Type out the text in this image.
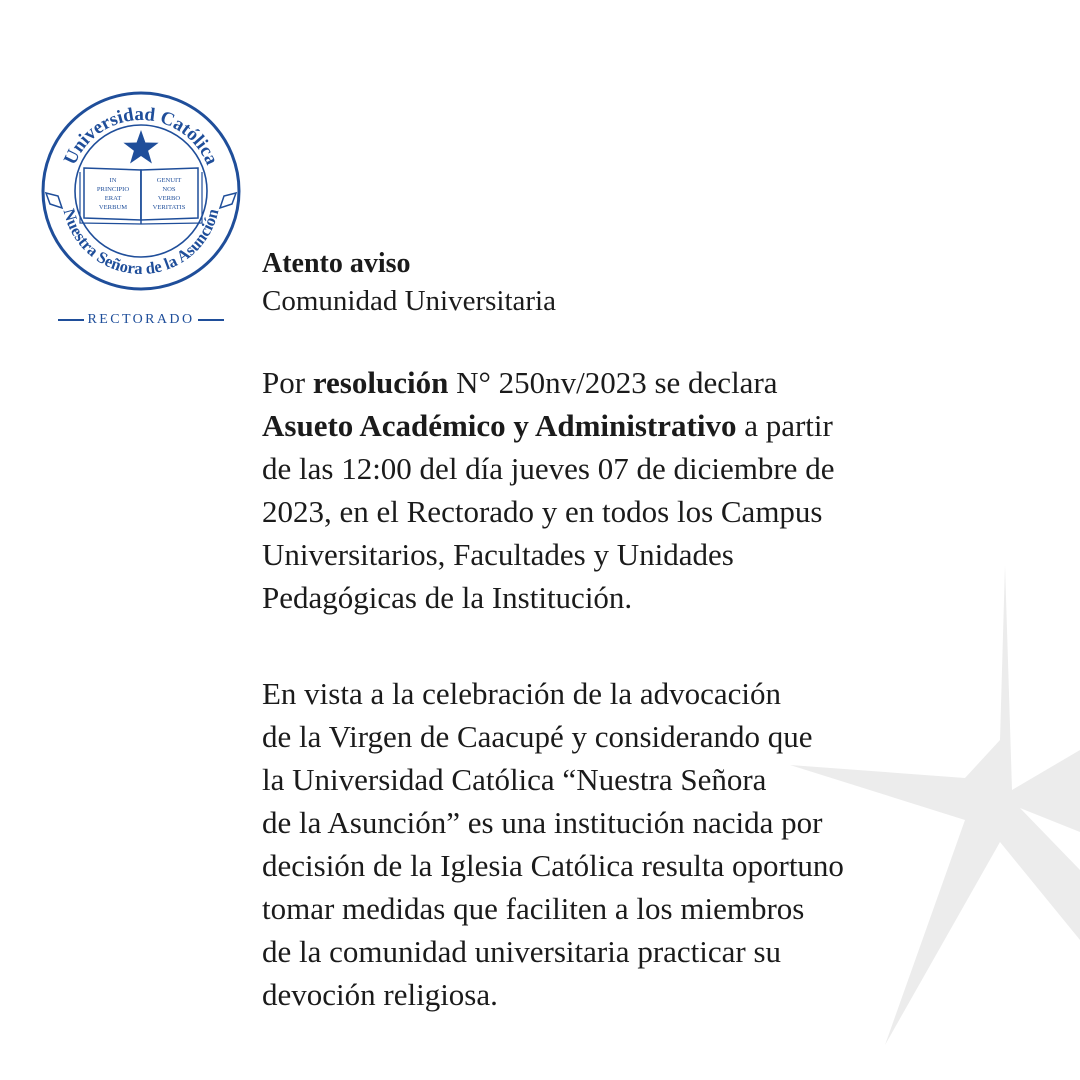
Universidad Católica
Nuestra Señora de la Asunción
IN
PRINCIPIO
ERAT
VERBUM
GENUIT
NOS
VERBO
VERITATIS
RECTORADO
Atento aviso
Comunidad Universitaria

Por resolución N° 250nv/2023 se declara
Asueto Académico y Administrativo a partir
de las 12:00 del día jueves 07 de diciembre de
2023, en el Rectorado y en todos los Campus
Universitarios, Facultades y Unidades
Pedagógicas de la Institución.

En vista a la celebración de la advocación
de la Virgen de Caacupé y considerando que
la Universidad Católica “Nuestra Señora
de la Asunción” es una institución nacida por
decisión de la Iglesia Católica resulta oportuno
tomar medidas que faciliten a los miembros
de la comunidad universitaria practicar su
devoción religiosa.
